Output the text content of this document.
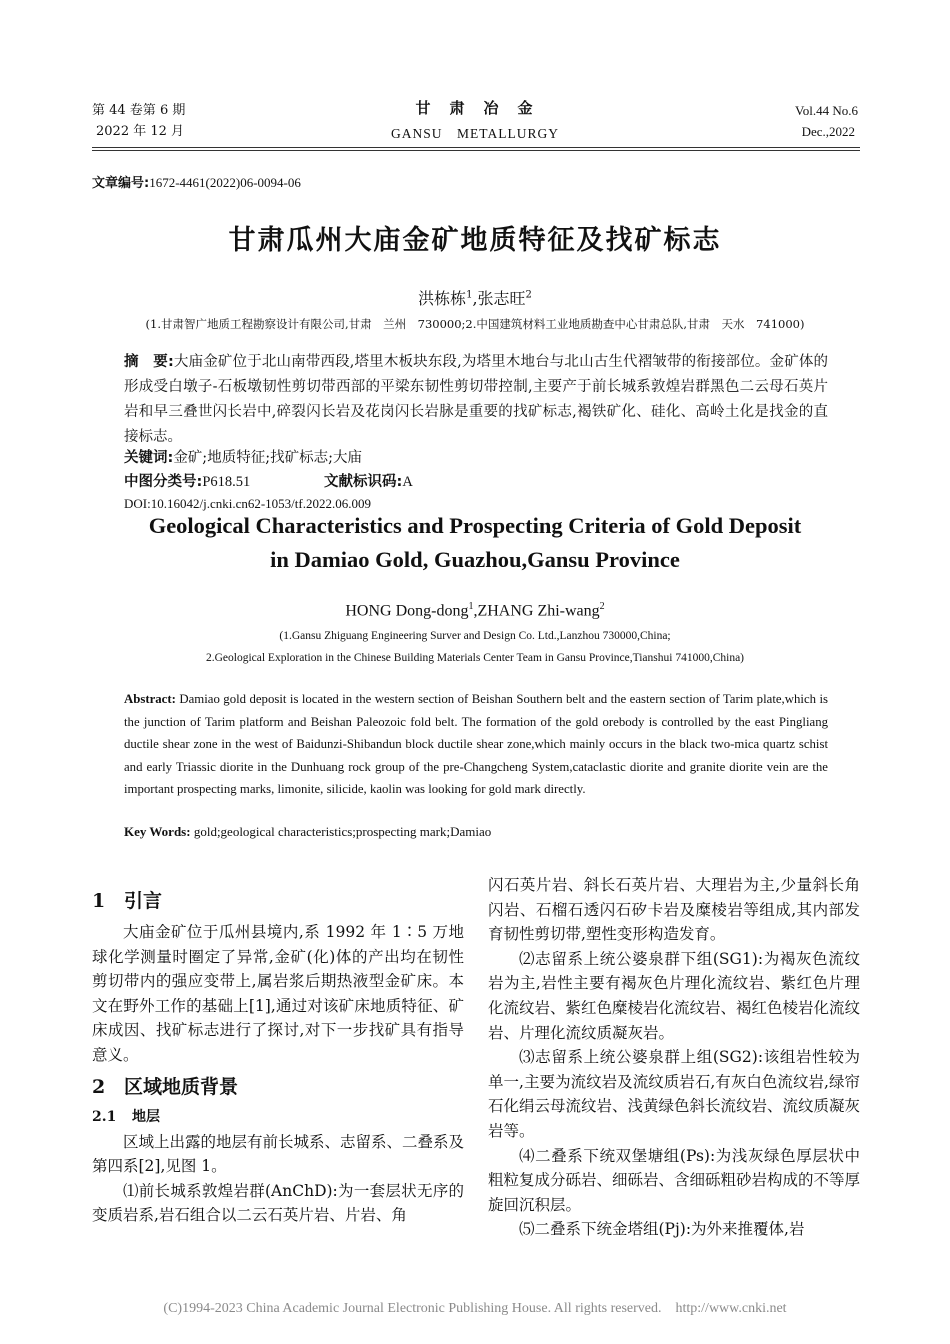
第 44 卷第 6 期
2022 年 12 月
甘　肃　冶　金
GANSU　METALLURGY
Vol.44 No.6
Dec.,2022
文章编号:1672-4461(2022)06-0094-06
甘肃瓜州大庙金矿地质特征及找矿标志
洪栋栋$^1$,张志旺$^2$
(1.甘肃智广地质工程勘察设计有限公司,甘肃　兰州　730000;2.中国建筑材料工业地质勘查中心甘肃总队,甘肃　天水　741000)
摘　要:大庙金矿位于北山南带西段,塔里木板块东段,为塔里木地台与北山古生代褶皱带的衔接部位。金矿体的形成受白墩子-石板墩韧性剪切带西部的平梁东韧性剪切带控制,主要产于前长城系敦煌岩群黑色二云母石英片岩和早三叠世闪长岩中,碎裂闪长岩及花岗闪长岩脉是重要的找矿标志,褐铁矿化、硅化、高岭土化是找金的直接标志。
关键词:金矿;地质特征;找矿标志;大庙
中图分类号:P618.51	文献标识码:A
DOI:10.16042/j.cnki.cn62-1053/tf.2022.06.009
Geological Characteristics and Prospecting Criteria of Gold Deposit
in Damiao Gold, Guazhou,Gansu Province
HONG Dong-dong$^1$,ZHANG Zhi-wang$^2$
(1.Gansu Zhiguang Engineering Surver and Design Co. Ltd.,Lanzhou 730000,China;
2.Geological Exploration in the Chinese Building Materials Center Team in Gansu Province,Tianshui 741000,China)
Abstract: Damiao gold deposit is located in the western section of Beishan Southern belt and the eastern section of Tarim plate,which is the junction of Tarim platform and Beishan Paleozoic fold belt. The formation of the gold orebody is controlled by the east Pingliang ductile shear zone in the west of Baidunzi-Shibandun block ductile shear zone,which mainly occurs in the black two-mica quartz schist and early Triassic diorite in the Dunhuang rock group of the pre-Changcheng System,cataclastic diorite and granite diorite vein are the important prospecting marks, limonite, silicide, kaolin was looking for gold mark directly.
Key Words: gold;geological characteristics;prospecting mark;Damiao
1 引言

大庙金矿位于瓜州县境内,系 1992 年 1∶5 万地球化学测量时圈定了异常,金矿(化)体的产出均在韧性剪切带内的强应变带上,属岩浆后期热液型金矿床。本文在野外工作的基础上[1],通过对该矿床地质特征、矿床成因、找矿标志进行了探讨,对下一步找矿具有指导意义。

2 区域地质背景
2.1 地层

区域上出露的地层有前长城系、志留系、二叠系及第四系[2],见图 1。

⑴前长城系敦煌岩群(AnChD):为一套层状无序的变质岩系,岩石组合以二云石英片岩、片岩、角

闪石英片岩、斜长石英片岩、大理岩为主,少量斜长角闪岩、石榴石透闪石矽卡岩及糜棱岩等组成,其内部发育韧性剪切带,塑性变形构造发育。

⑵志留系上统公婆泉群下组(SG1):为褐灰色流纹岩为主,岩性主要有褐灰色片理化流纹岩、紫红色片理化流纹岩、紫红色糜棱岩化流纹岩、褐红色棱岩化流纹岩、片理化流纹质凝灰岩。

⑶志留系上统公婆泉群上组(SG2):该组岩性较为单一,主要为流纹岩及流纹质岩石,有灰白色流纹岩,绿帘石化绢云母流纹岩、浅黄绿色斜长流纹岩、流纹质凝灰岩等。

⑷二叠系下统双堡塘组(Ps):为浅灰绿色厚层状中粗粒复成分砾岩、细砾岩、含细砾粗砂岩构成的不等厚旋回沉积层。

⑸二叠系下统金塔组(Pj):为外来推覆体,岩

(C)1994-2023 China Academic Journal Electronic Publishing House. All rights reserved.　http://www.cnki.net
